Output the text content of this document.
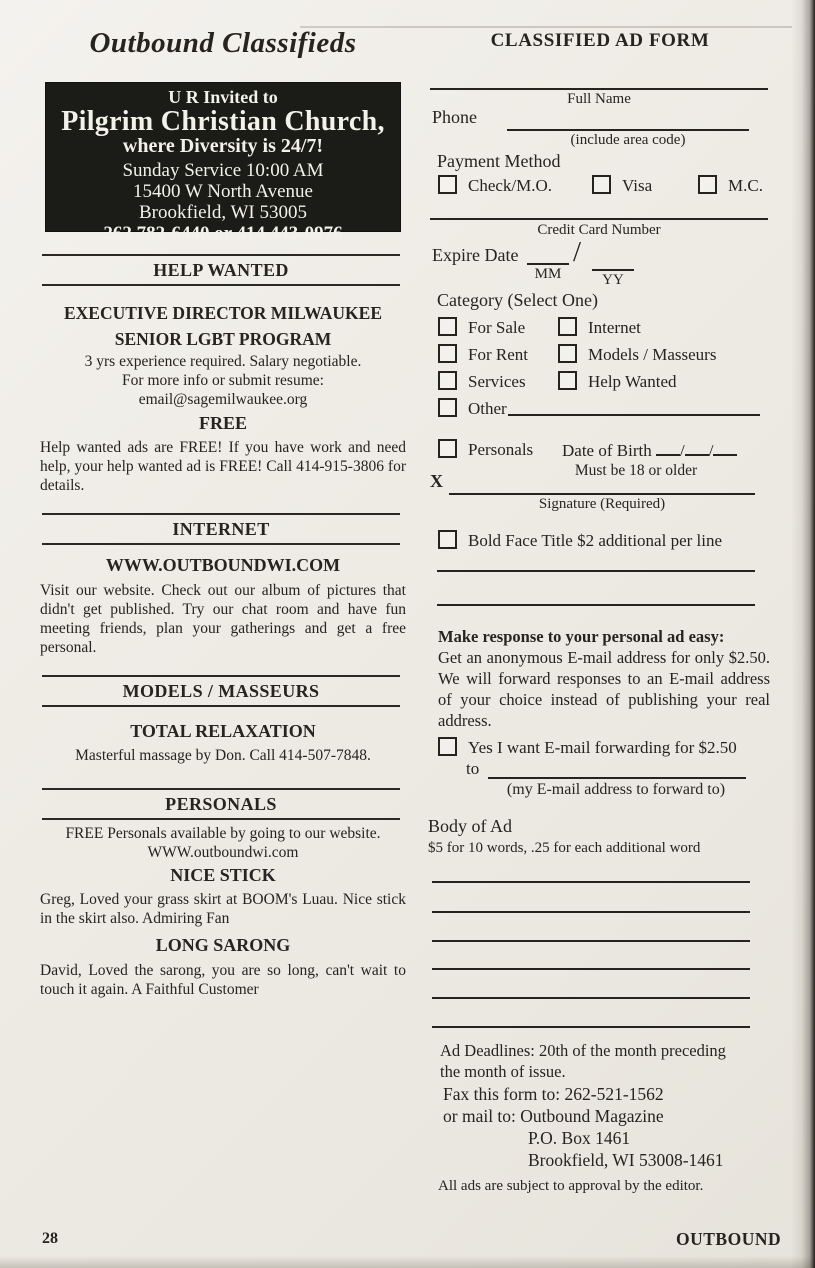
Outbound Classifieds
U R Invited to
Pilgrim Christian Church,
where Diversity is 24/7!
Sunday Service 10:00 AM
15400 W North Avenue
Brookfield, WI 53005
262 782-6440 or 414 443-0976
HELP WANTED
EXECUTIVE DIRECTOR MILWAUKEE
SENIOR LGBT PROGRAM
3 yrs experience required. Salary negotiable.
For more info or submit resume:
email@sagemilwaukee.org
FREE
Help wanted ads are FREE! If you have work and need help, your help wanted ad is FREE! Call 414-915-3806 for details.
INTERNET
WWW.OUTBOUNDWI.COM
Visit our website. Check out our album of pictures that didn't get published. Try our chat room and have fun meeting friends, plan your gatherings and get a free personal.
MODELS / MASSEURS
TOTAL RELAXATION
Masterful massage by Don. Call 414-507-7848.
PERSONALS
FREE Personals available by going to our website.
WWW.outboundwi.com
NICE STICK
Greg, Loved your grass skirt at BOOM's Luau. Nice stick in the skirt also. Admiring Fan
LONG SARONG
David, Loved the sarong, you are so long, can't wait to touch it again. A Faithful Customer
CLASSIFIED AD FORM
Full Name
Phone
(include area code)
Payment Method
Check/M.O.	Visa	M.C.
Credit Card Number
Expire Date /
MM	YY
Category (Select One)
For Sale	Internet
For Rent	Models / Masseurs
Services	Help Wanted
Other
Personals Date of Birth / /
Must be 18 or older
X
Signature (Required)
Bold Face Title $2 additional per line
Make response to your personal ad easy:
Get an anonymous E-mail address for only $2.50. We will forward responses to an E-mail address of your choice instead of publishing your real address.
Yes I want E-mail forwarding for $2.50
to
(my E-mail address to forward to)
Body of Ad
$5 for 10 words, .25 for each additional word
Ad Deadlines: 20th of the month preceding
the month of issue.
Fax this form to: 262-521-1562
or mail to: Outbound Magazine
P.O. Box 1461
Brookfield, WI 53008-1461
All ads are subject to approval by the editor.
28	OUTBOUND
